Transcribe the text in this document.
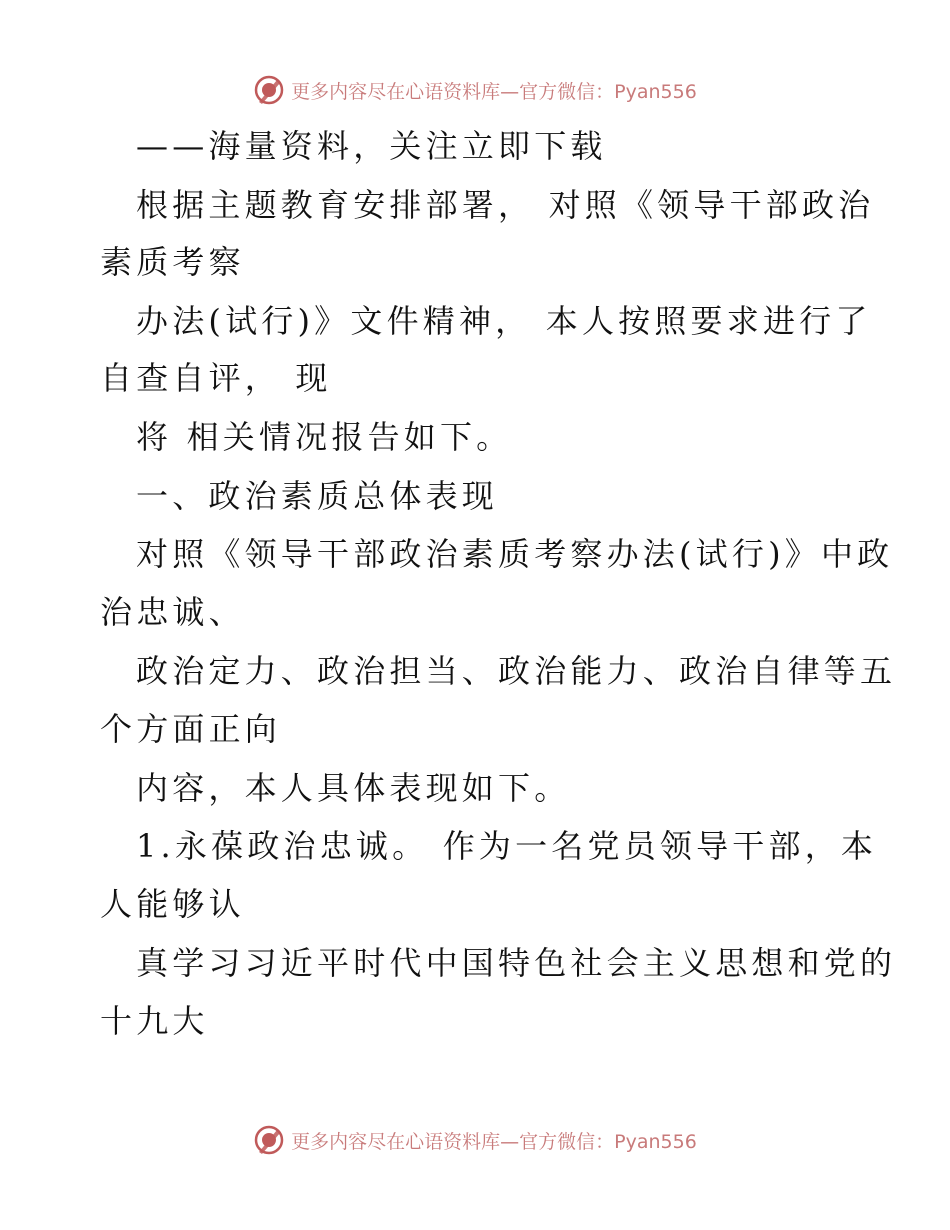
更多内容尽在心语资料库—官方微信：Pyan556
——海量资料，关注立即下载
根据主题教育安排部署， 对照《领导干部政治
素质考察
办法(试行)》文件精神， 本人按照要求进行了
自查自评， 现
将 相关情况报告如下。
一、政治素质总体表现
对照《领导干部政治素质考察办法(试行)》中政
治忠诚、
政治定力、政治担当、政治能力、政治自律等五
个方面正向
内容，本人具体表现如下。
1.永葆政治忠诚。 作为一名党员领导干部，本
人能够认
真学习习近平时代中国特色社会主义思想和党的
十九大
更多内容尽在心语资料库—官方微信：Pyan556
